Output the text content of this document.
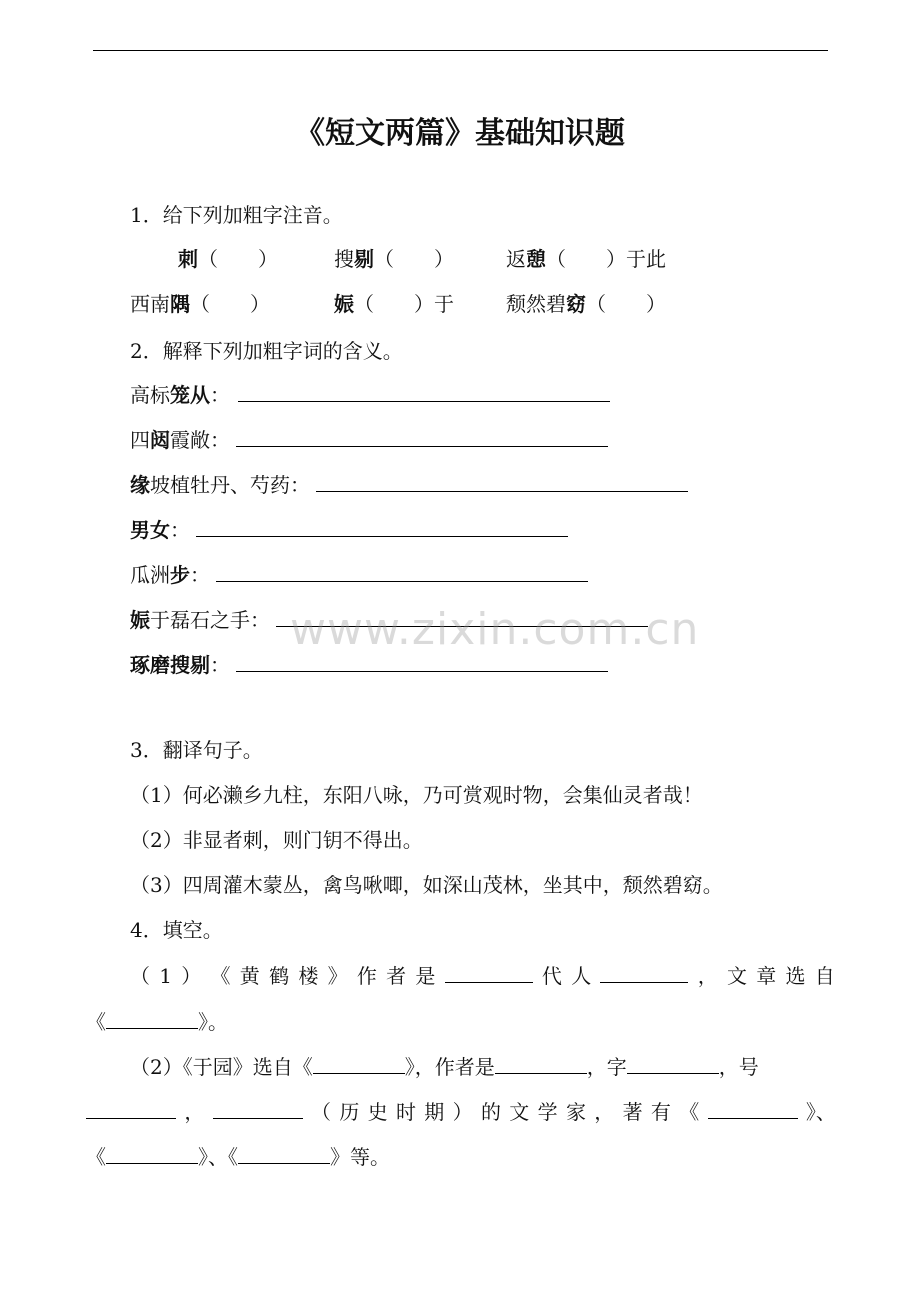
《短文两篇》基础知识题
1．给下列加粗字注音。
刺（　　）	搜剔（　　）	返憩（　　）于此
西南隅（　　）	娠（　　）于	颓然碧窈（　　）
2．解释下列加粗字词的含义。
高标笼从：
四闼霞敞：
缘坡植牡丹、芍药：
男女：
瓜洲步：
娠于磊石之手：
琢磨搜剔：
3．翻译句子。
（1）何必濑乡九柱，东阳八咏，乃可赏观时物，会集仙灵者哉！
（2）非显者刺，则门钥不得出。
（3）四周灌木蒙丛，禽鸟啾唧，如深山茂林，坐其中，颓然碧窈。
4．填空。
（ 1 ） 《 黄 鹤 楼 》 作 者 是	代 人	， 文 章 选 自
《	》。
（2）《于园》选自《	》，作者是	，字	，号
，	（ 历 史 时 期 ） 的 文 学 家 ， 著 有 《	》、
《	》、《	》等。
www.zixin.com.cn
